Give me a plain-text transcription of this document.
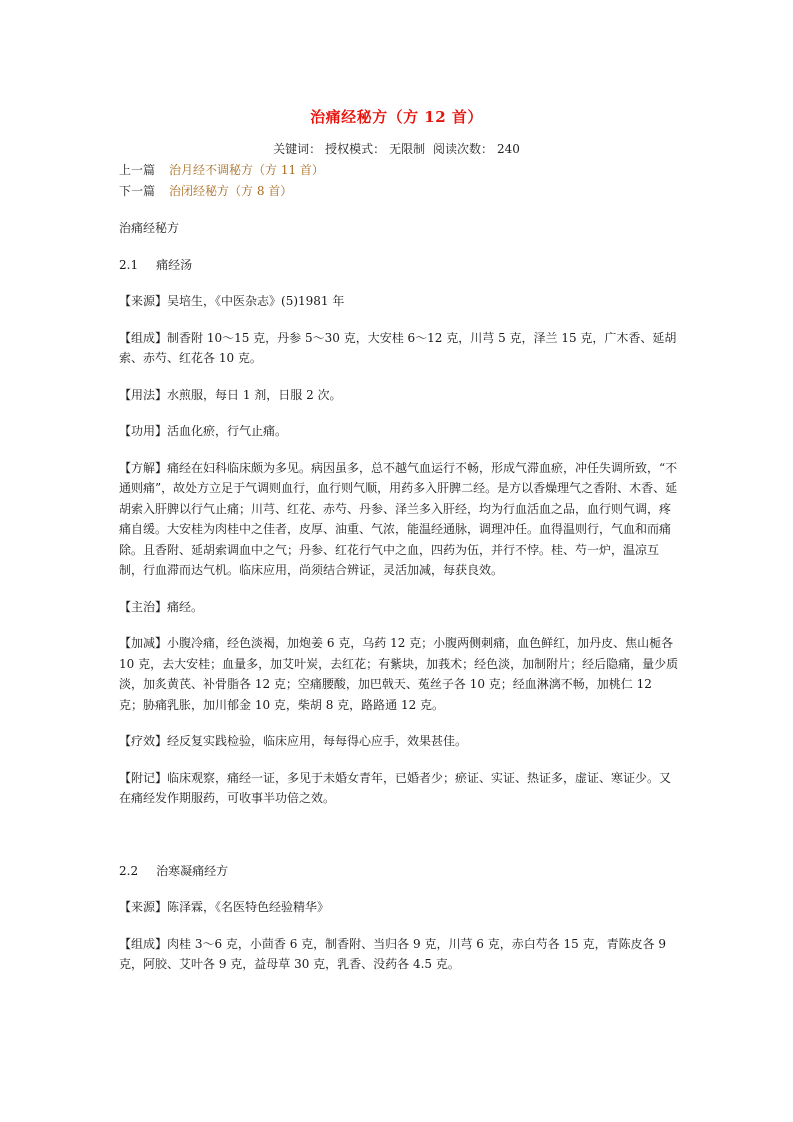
治痛经秘方（方 12 首）
关键词： 授权模式： 无限制 阅读次数： 240
上一篇 治月经不调秘方（方 11 首）
下一篇 治闭经秘方（方 8 首）

治痛经秘方

2.1 痛经汤

【来源】吴培生，《中医杂志》(5)1981 年

【组成】制香附 10～15 克，丹参 5～30 克，大安桂 6～12 克，川芎 5 克，泽兰 15 克，广木香、延胡索、赤芍、红花各 10 克。

【用法】水煎服，每日 1 剂，日服 2 次。

【功用】活血化瘀，行气止痛。

【方解】痛经在妇科临床颇为多见。病因虽多，总不越气血运行不畅，形成气滞血瘀，冲任失调所致，“不通则痛”，故处方立足于气调则血行，血行则气顺，用药多入肝脾二经。是方以香燥理气之香附、木香、延胡索入肝脾以行气止痛；川芎、红花、赤芍、丹参、泽兰多入肝经，均为行血活血之品，血行则气调，疼痛自缓。大安桂为肉桂中之佳者，皮厚、油重、气浓，能温经通脉，调理冲任。血得温则行，气血和而痛除。且香附、延胡索调血中之气；丹参、红花行气中之血，四药为伍，并行不悖。桂、芍一炉，温凉互制，行血滞而达气机。临床应用，尚须结合辨证，灵活加减，每获良效。

【主治】痛经。

【加减】小腹冷痛，经色淡褐，加炮姜 6 克，乌药 12 克；小腹两侧刺痛，血色鲜红，加丹皮、焦山栀各 10 克，去大安桂；血量多，加艾叶炭，去红花；有紫块，加莪术；经色淡，加制附片；经后隐痛，量少质淡，加炙黄芪、补骨脂各 12 克；空痛腰酸，加巴戟天、菟丝子各 10 克；经血淋漓不畅，加桃仁 12 克；胁痛乳胀，加川郁金 10 克，柴胡 8 克，路路通 12 克。

【疗效】经反复实践检验，临床应用，每每得心应手，效果甚佳。

【附记】临床观察，痛经一证，多见于未婚女青年，已婚者少；瘀证、实证、热证多，虚证、寒证少。又在痛经发作期服药，可收事半功倍之效。

2.2 治寒凝痛经方

【来源】陈泽霖，《名医特色经验精华》

【组成】肉桂 3～6 克，小茴香 6 克，制香附、当归各 9 克，川芎 6 克，赤白芍各 15 克，青陈皮各 9 克，阿胶、艾叶各 9 克，益母草 30 克，乳香、没药各 4.5 克。
